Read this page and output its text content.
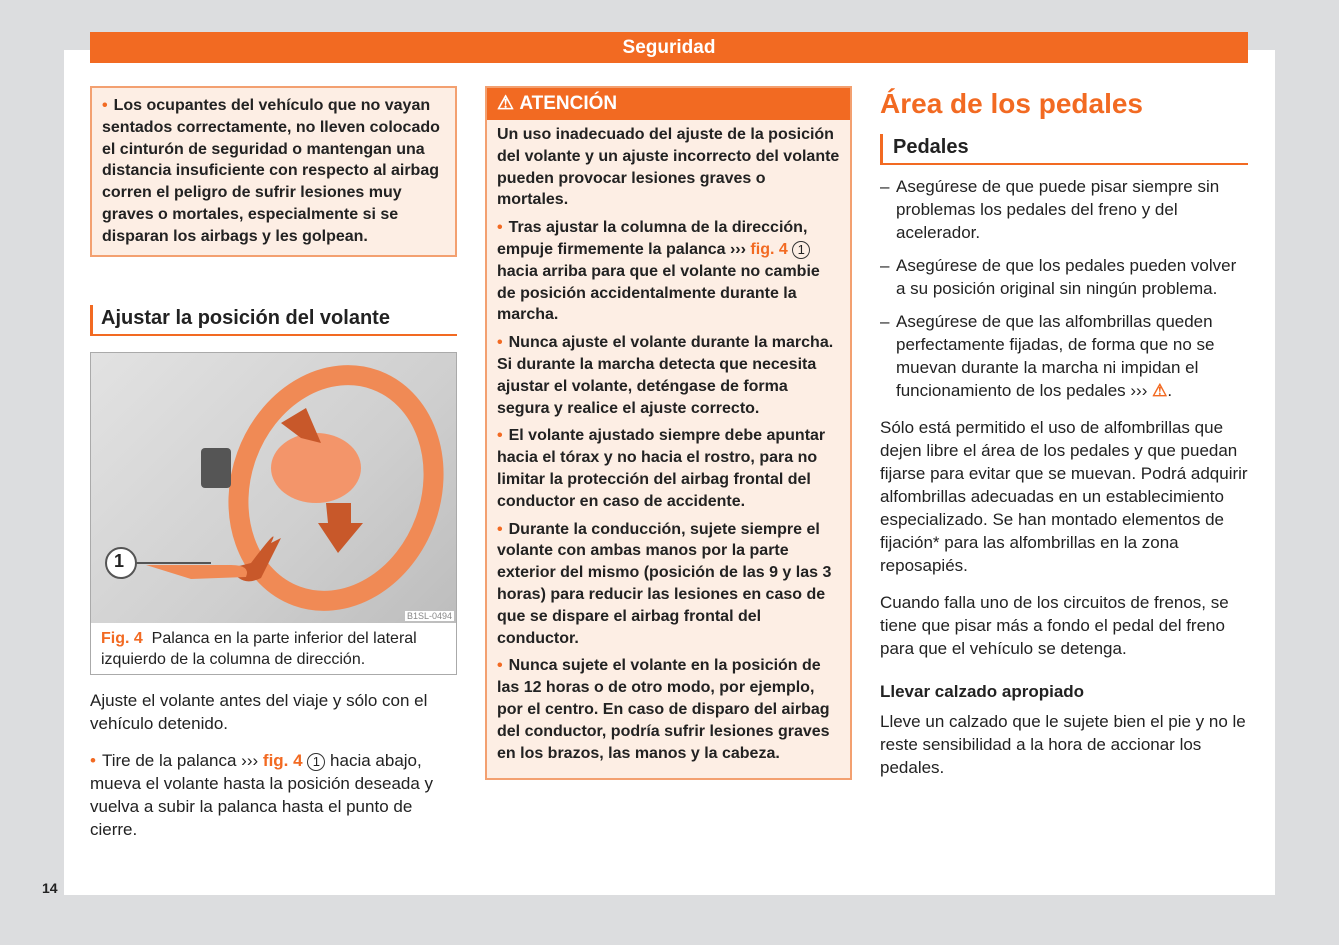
Seguridad
• Los ocupantes del vehículo que no vayan sentados correctamente, no lleven colocado el cinturón de seguridad o mantengan una distancia insuficiente con respecto al airbag corren el peligro de sufrir lesiones muy graves o mortales, especialmente si se disparan los airbags y les golpean.
Ajustar la posición del volante
1
B1SL-0494
Fig. 4 Palanca en la parte inferior del lateral izquierdo de la columna de dirección.
Ajuste el volante antes del viaje y sólo con el vehículo detenido.
• Tire de la palanca ››› fig. 4 1 hacia abajo, mueva el volante hasta la posición deseada y vuelva a subir la palanca hasta el punto de cierre.
⚠ ATENCIÓN
Un uso inadecuado del ajuste de la posición del volante y un ajuste incorrecto del volante pueden provocar lesiones graves o mortales.
• Tras ajustar la columna de la dirección, empuje firmemente la palanca ››› fig. 4 1 hacia arriba para que el volante no cambie de posición accidentalmente durante la marcha.
• Nunca ajuste el volante durante la marcha. Si durante la marcha detecta que necesita ajustar el volante, deténgase de forma segura y realice el ajuste correcto.
• El volante ajustado siempre debe apuntar hacia el tórax y no hacia el rostro, para no limitar la protección del airbag frontal del conductor en caso de accidente.
• Durante la conducción, sujete siempre el volante con ambas manos por la parte exterior del mismo (posición de las 9 y las 3 horas) para reducir las lesiones en caso de que se dispare el airbag frontal del conductor.
• Nunca sujete el volante en la posición de las 12 horas o de otro modo, por ejemplo, por el centro. En caso de disparo del airbag del conductor, podría sufrir lesiones graves en los brazos, las manos y la cabeza.
Área de los pedales
Pedales
– Asegúrese de que puede pisar siempre sin problemas los pedales del freno y del acelerador.
– Asegúrese de que los pedales pueden volver a su posición original sin ningún problema.
– Asegúrese de que las alfombrillas queden perfectamente fijadas, de forma que no se muevan durante la marcha ni impidan el funcionamiento de los pedales ››› ⚠.
Sólo está permitido el uso de alfombrillas que dejen libre el área de los pedales y que puedan fijarse para evitar que se muevan. Podrá adquirir alfombrillas adecuadas en un establecimiento especializado. Se han montado elementos de fijación* para las alfombrillas en la zona reposapiés.
Cuando falla uno de los circuitos de frenos, se tiene que pisar más a fondo el pedal del freno para que el vehículo se detenga.
Llevar calzado apropiado
Lleve un calzado que le sujete bien el pie y no le reste sensibilidad a la hora de accionar los pedales.
14
